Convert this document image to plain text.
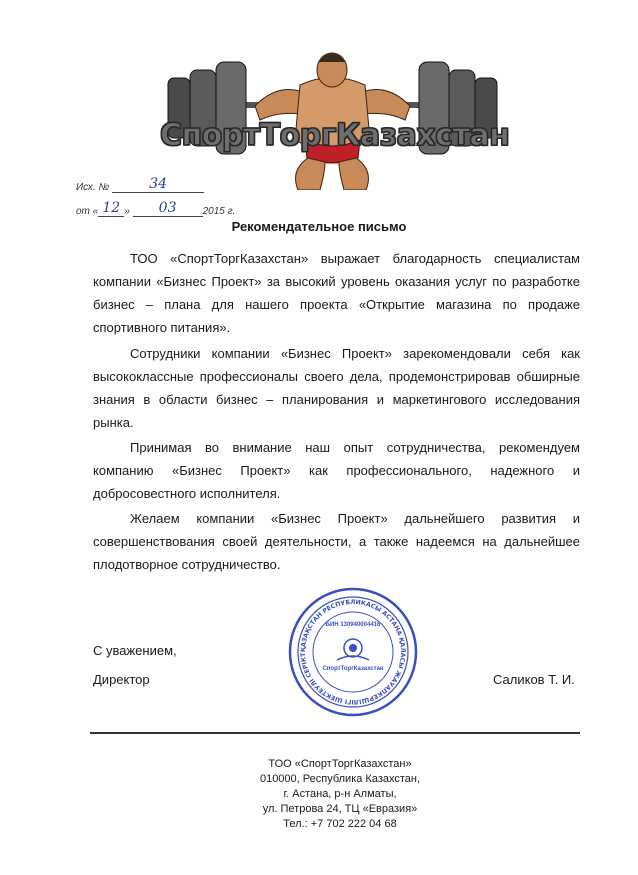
СпортТоргКазахстан
Исх. №	34
от « 12 » 03	2015 г.
Рекомендательное письмо
ТОО «СпортТоргКазахстан» выражает благодарность специалистам компании «Бизнес Проект» за высокий уровень оказания услуг по разработке бизнес – плана для нашего проекта «Открытие магазина по продаже спортивного питания».
Сотрудники компании «Бизнес Проект» зарекомендовали себя как высококлассные профессионалы своего дела, продемонстрировав обширные знания в области бизнес – планирования и маркетингового исследования рынка.
Принимая во внимание наш опыт сотрудничества, рекомендуем компанию «Бизнес Проект» как профессионального, надежного и добросовестного исполнителя.
Желаем компании «Бизнес Проект» дальнейшего развития и совершенствования своей деятельности, а также надеемся на дальнейшее плодотворное сотрудничество.
С уважением,
Директор	Саликов Т. И.
ҚАЗАҚСТАН РЕСПУБЛИКАСЫ АСТАНА ҚАЛАСЫ ЖАУАПКЕРШІЛІГІ ШЕКТЕУЛІ СЕРІКТ
БИН 130940004416
СпортТоргКазахстан
ТОО «СпортТоргКазахстан»
010000, Республика Казахстан,
г. Астана, р-н Алматы,
ул. Петрова 24, ТЦ «Евразия»
Тел.: +7 702 222 04 68
